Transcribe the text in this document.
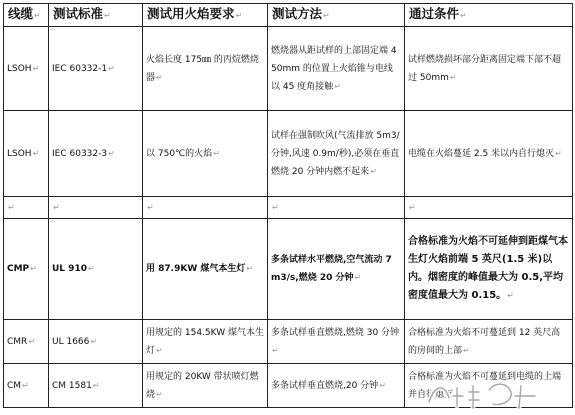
线缆↵	测试标准↵	测试用火焰要求↵	测试方法↵	通过条件↵
LSOH↵	IEC 60332-1↵	火焰长度 175㎜ 的丙烷燃烧器↵	燃烧器从距试样的上部固定端 450mm 的位置上火焰锥与电线以 45 度角接触↵	试样燃烧损坏部分距离固定端下部不超过 50mm↵
LSOH↵	IEC 60332-3↵	以 750℃的火焰↵	试样在强制吹风(气流排放 5m3/分钟,风速 0.9m/秒),必须在垂直燃烧 20 分钟内燃不起来↵	电缆在火焰蔓延 2.5 米以内自行熄灭↵
↵	↵	↵	↵	↵
CMP↵	UL 910↵	用 87.9KW 煤气本生灯↵	多条试样水平燃烧,空气流动 7 m3/s,燃烧 20 分钟↵	合格标准为火焰不可延伸到距煤气本生灯火焰前端 5 英尺(1.5 米)以内。烟密度的峰值最大为 0.5,平均密度值最大为 0.15。↵
CMR↵	UL 1666↵	用规定的 154.5KW 煤气本生灯↵	多条试样垂直燃烧,燃烧 30 分钟↵	合格标准为火焰不可蔓延到 12 英尺高的房间的上部↵
CM↵	CM 1581↵	用规定的 20KW 带状喷灯燃烧↵	多条试样垂直燃烧,20 分钟↵	合格标准为火焰不可蔓延到电缆的上端并自行熄灭↵
